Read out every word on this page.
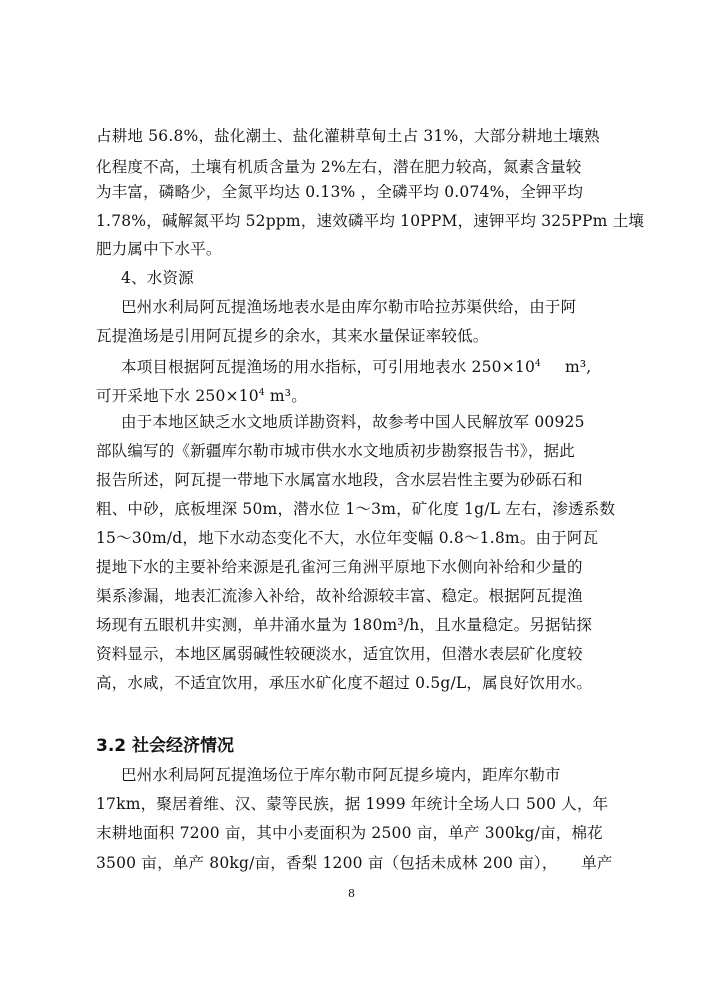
占耕地 56.8%，盐化潮土、盐化灌耕草甸土占 31%，大部分耕地土壤熟
化程度不高，土壤有机质含量为 2%左右，潜在肥力较高，氮素含量较
为丰富，磷略少，全氮平均达 0.13% ，全磷平均 0.074%，全钾平均
1.78%，碱解氮平均 52ppm，速效磷平均 10PPM，速钾平均 325PPm 土壤
肥力属中下水平。
4、水资源
巴州水利局阿瓦提渔场地表水是由库尔勒市哈拉苏渠供给，由于阿
瓦提渔场是引用阿瓦提乡的余水，其来水量保证率较低。
本项目根据阿瓦提渔场的用水指标，可引用地表水 $250\times 10^4$ m³,
可开采地下水 $250\times 10^4$ m³。
由于本地区缺乏水文地质详勘资料，故参考中国人民解放军 00925
部队编写的《新疆库尔勒市城市供水水文地质初步勘察报告书》，据此
报告所述，阿瓦提一带地下水属富水地段，含水层岩性主要为砂砾石和
粗、中砂，底板埋深 50m，潜水位 1～3m，矿化度 1g/L 左右，渗透系数
15～30m/d，地下水动态变化不大，水位年变幅 0.8～1.8m。由于阿瓦
提地下水的主要补给来源是孔雀河三角洲平原地下水侧向补给和少量的
渠系渗漏，地表汇流渗入补给，故补给源较丰富、稳定。根据阿瓦提渔
场现有五眼机井实测，单井涌水量为 180m³/h，且水量稳定。另据钻探
资料显示，本地区属弱碱性较硬淡水，适宜饮用，但潜水表层矿化度较
高，水咸，不适宜饮用，承压水矿化度不超过 0.5g/L，属良好饮用水。
3.2 社会经济情况
巴州水利局阿瓦提渔场位于库尔勒市阿瓦提乡境内，距库尔勒市
17km，聚居着维、汉、蒙等民族，据 1999 年统计全场人口 500 人，年
末耕地面积 7200 亩，其中小麦面积为 2500 亩，单产 300kg/亩，棉花
3500 亩，单产 80kg/亩，香梨 1200 亩（包括未成林 200 亩），　　单产
8
